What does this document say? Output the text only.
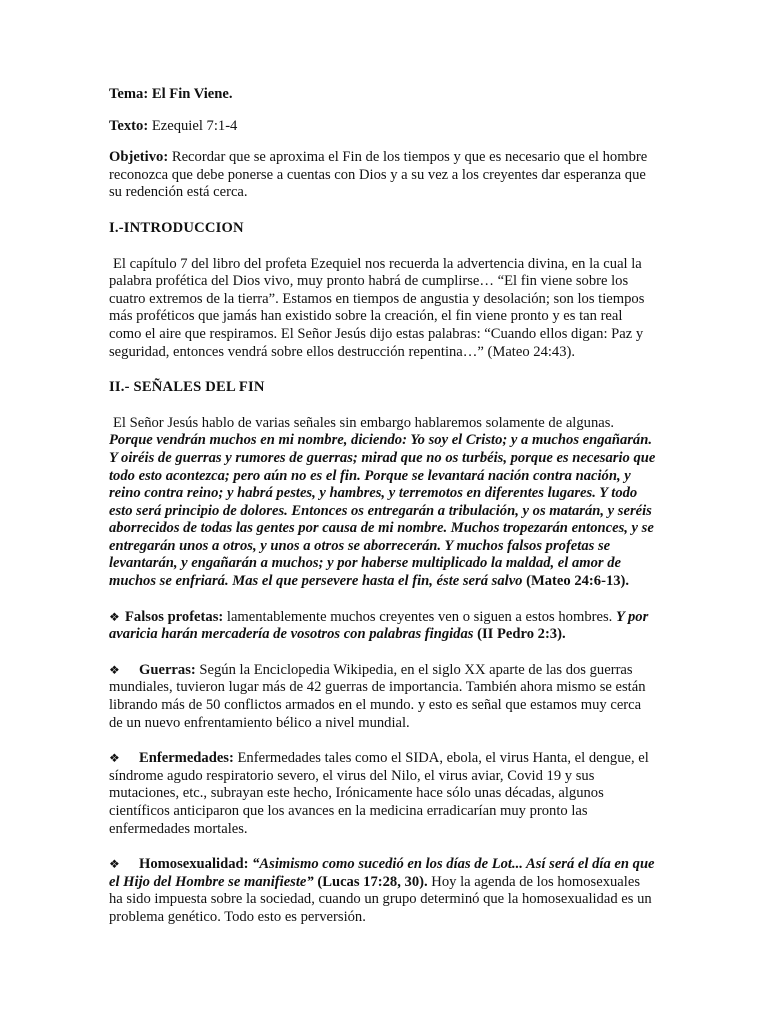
Tema: El Fin Viene.

Texto: Ezequiel 7:1-4

Objetivo: Recordar que se aproxima el Fin de los tiempos y que es necesario que el hombre reconozca que debe ponerse a cuentas con Dios y a su vez a los creyentes dar esperanza que su redención está cerca.

I.-INTRODUCCION

El capítulo 7 del libro del profeta Ezequiel nos recuerda la advertencia divina, en la cual la palabra profética del Dios vivo, muy pronto habrá de cumplirse… “El fin viene sobre los cuatro extremos de la tierra”. Estamos en tiempos de angustia y desolación; son los tiempos más proféticos que jamás han existido sobre la creación, el fin viene pronto y es tan real como el aire que respiramos. El Señor Jesús dijo estas palabras: “Cuando ellos digan: Paz y seguridad, entonces vendrá sobre ellos destrucción repentina…” (Mateo 24:43).

II.- SEÑALES DEL FIN

El Señor Jesús hablo de varias señales sin embargo hablaremos solamente de algunas. Porque vendrán muchos en mi nombre, diciendo: Yo soy el Cristo; y a muchos engañarán. Y oiréis de guerras y rumores de guerras; mirad que no os turbéis, porque es necesario que todo esto acontezca; pero aún no es el fin. Porque se levantará nación contra nación, y reino contra reino; y habrá pestes, y hambres, y terremotos en diferentes lugares. Y todo esto será principio de dolores. Entonces os entregarán a tribulación, y os matarán, y seréis aborrecidos de todas las gentes por causa de mi nombre. Muchos tropezarán entonces, y se entregarán unos a otros, y unos a otros se aborrecerán. Y muchos falsos profetas se levantarán, y engañarán a muchos; y por haberse multiplicado la maldad, el amor de muchos se enfriará. Mas el que persevere hasta el fin, éste será salvo (Mateo 24:6-13).

❖ Falsos profetas: lamentablemente muchos creyentes ven o siguen a estos hombres. Y por avaricia harán mercadería de vosotros con palabras fingidas (II Pedro 2:3).

❖ Guerras: Según la Enciclopedia Wikipedia, en el siglo XX aparte de las dos guerras mundiales, tuvieron lugar más de 42 guerras de importancia. También ahora mismo se están librando más de 50 conflictos armados en el mundo. y esto es señal que estamos muy cerca de un nuevo enfrentamiento bélico a nivel mundial.

❖ Enfermedades: Enfermedades tales como el SIDA, ebola, el virus Hanta, el dengue, el síndrome agudo respiratorio severo, el virus del Nilo, el virus aviar, Covid 19 y sus mutaciones, etc., subrayan este hecho, Irónicamente hace sólo unas décadas, algunos científicos anticiparon que los avances en la medicina erradicarían muy pronto las enfermedades mortales.

❖ Homosexualidad: “Asimismo como sucedió en los días de Lot... Así será el día en que el Hijo del Hombre se manifieste” (Lucas 17:28, 30). Hoy la agenda de los homosexuales ha sido impuesta sobre la sociedad, cuando un grupo determinó que la homosexualidad es un problema genético. Todo esto es perversión.
